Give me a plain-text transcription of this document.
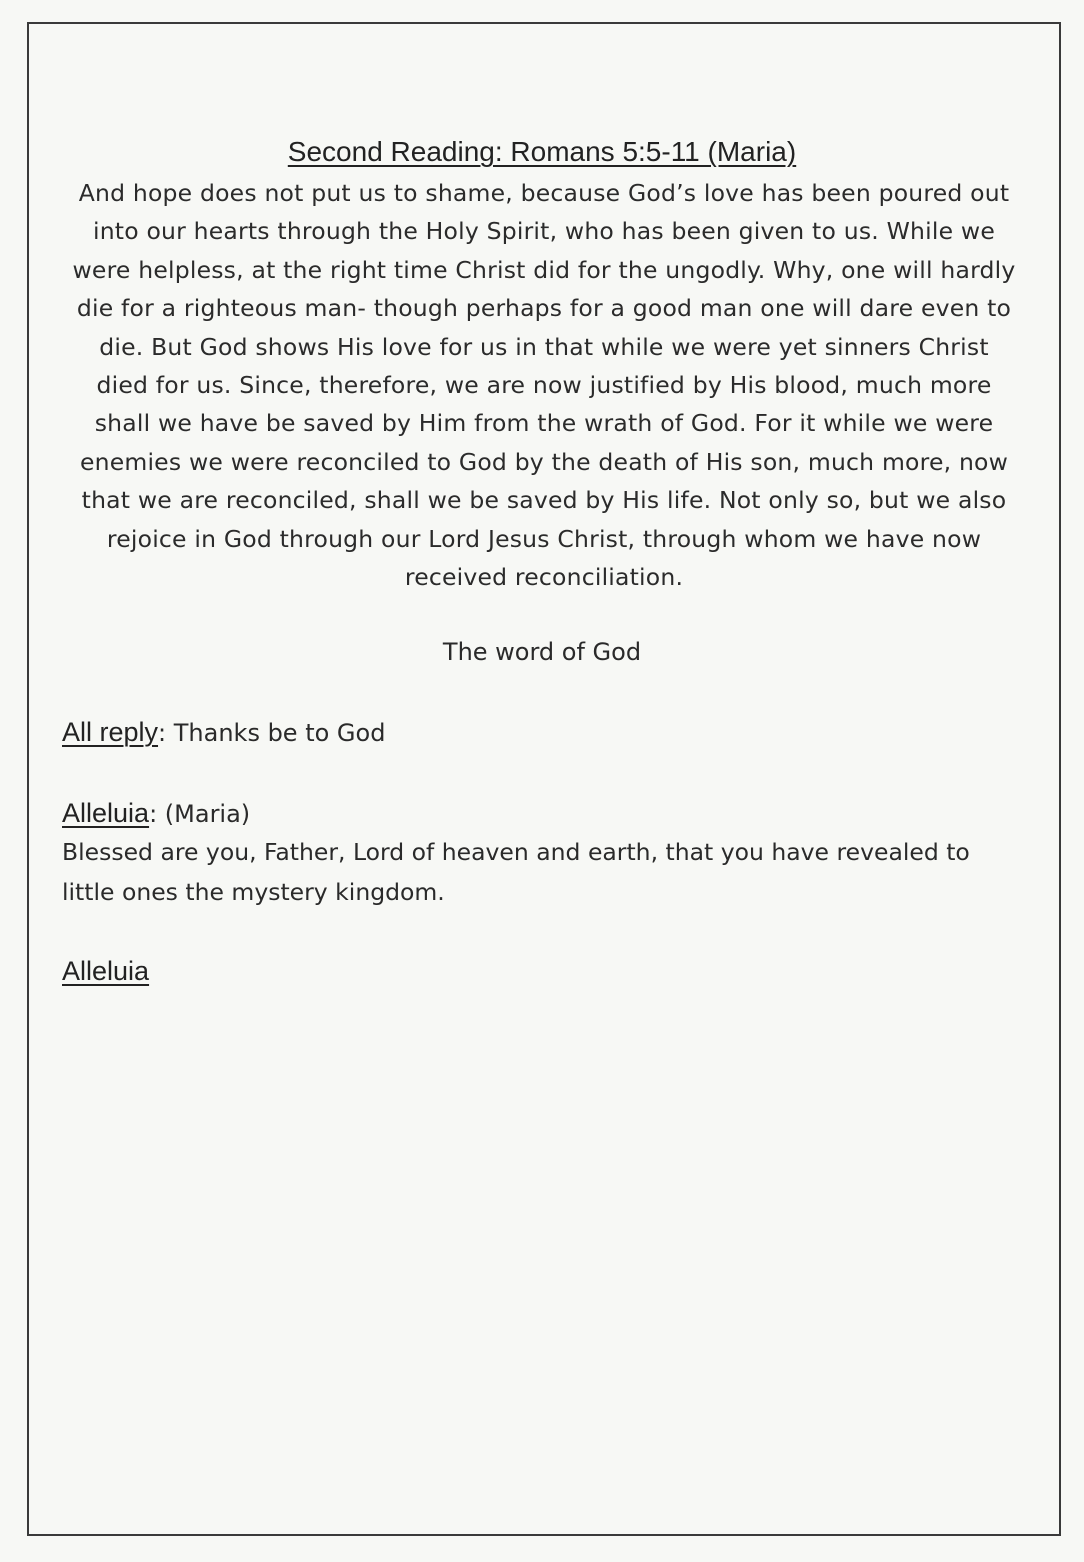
Second Reading: Romans 5:5-11 (Maria)
And hope does not put us to shame, because God’s love has been poured out
into our hearts through the Holy Spirit, who has been given to us. While we
were helpless, at the right time Christ did for the ungodly. Why, one will hardly
die for a righteous man- though perhaps for a good man one will dare even to
die. But God shows His love for us in that while we were yet sinners Christ
died for us. Since, therefore, we are now justified by His blood, much more
shall we have be saved by Him from the wrath of God. For it while we were
enemies we were reconciled to God by the death of His son, much more, now
that we are reconciled, shall we be saved by His life. Not only so, but we also
rejoice in God through our Lord Jesus Christ, through whom we have now
received reconciliation.
The word of God
All reply: Thanks be to God
Alleluia: (Maria)
Blessed are you, Father, Lord of heaven and earth, that you have revealed to
little ones the mystery kingdom.
Alleluia
